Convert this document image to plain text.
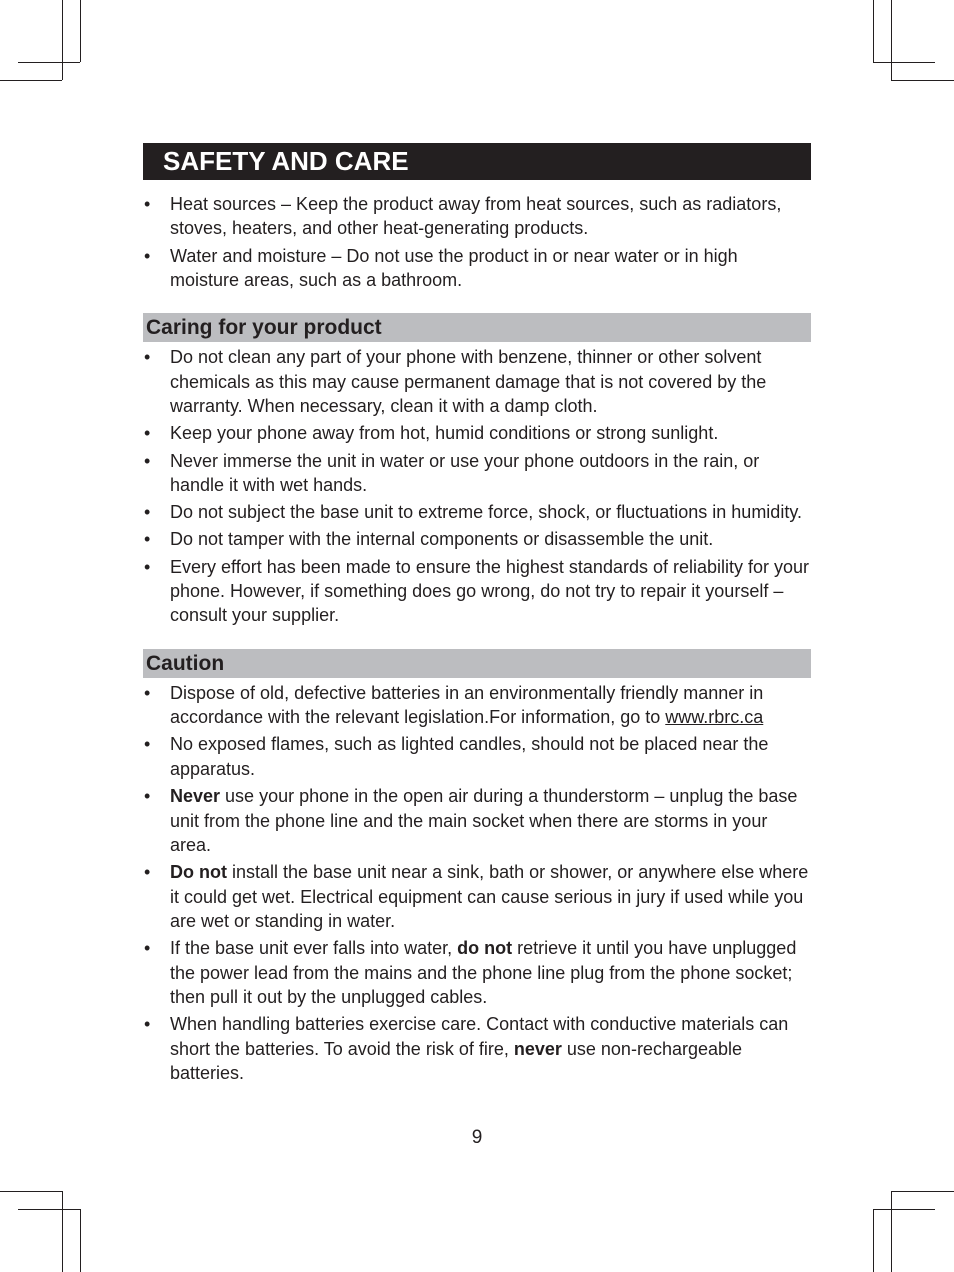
SAFETY AND CARE
• Heat sources – Keep the product away from heat sources, such as radiators, stoves, heaters, and other heat-generating products.
• Water and moisture – Do not use the product in or near water or in high moisture areas, such as a bathroom.
Caring for your product
• Do not clean any part of your phone with benzene, thinner or other solvent chemicals as this may cause permanent damage that is not covered by the warranty. When necessary, clean it with a damp cloth.
• Keep your phone away from hot, humid conditions or strong sunlight.
• Never immerse the unit in water or use your phone outdoors in the rain, or handle it with wet hands.
• Do not subject the base unit to extreme force, shock, or fluctuations in humidity.
• Do not tamper with the internal components or disassemble the unit.
• Every effort has been made to ensure the highest standards of reliability for your phone. However, if something does go wrong, do not try to repair it yourself – consult your supplier.
Caution
• Dispose of old, defective batteries in an environmentally friendly manner in accordance with the relevant legislation.For information, go to www.rbrc.ca
• No exposed flames, such as lighted candles, should not be placed near the apparatus.
• Never use your phone in the open air during a thunderstorm – unplug the base unit from the phone line and the main socket when there are storms in your area.
• Do not install the base unit near a sink, bath or shower, or anywhere else where it could get wet. Electrical equipment can cause serious in jury if used while you are wet or standing in water.
• If the base unit ever falls into water, do not retrieve it until you have unplugged the power lead from the mains and the phone line plug from the phone socket; then pull it out by the unplugged cables.
• When handling batteries exercise care. Contact with conductive materials can short the batteries. To avoid the risk of fire, never use non-rechargeable batteries.
9
